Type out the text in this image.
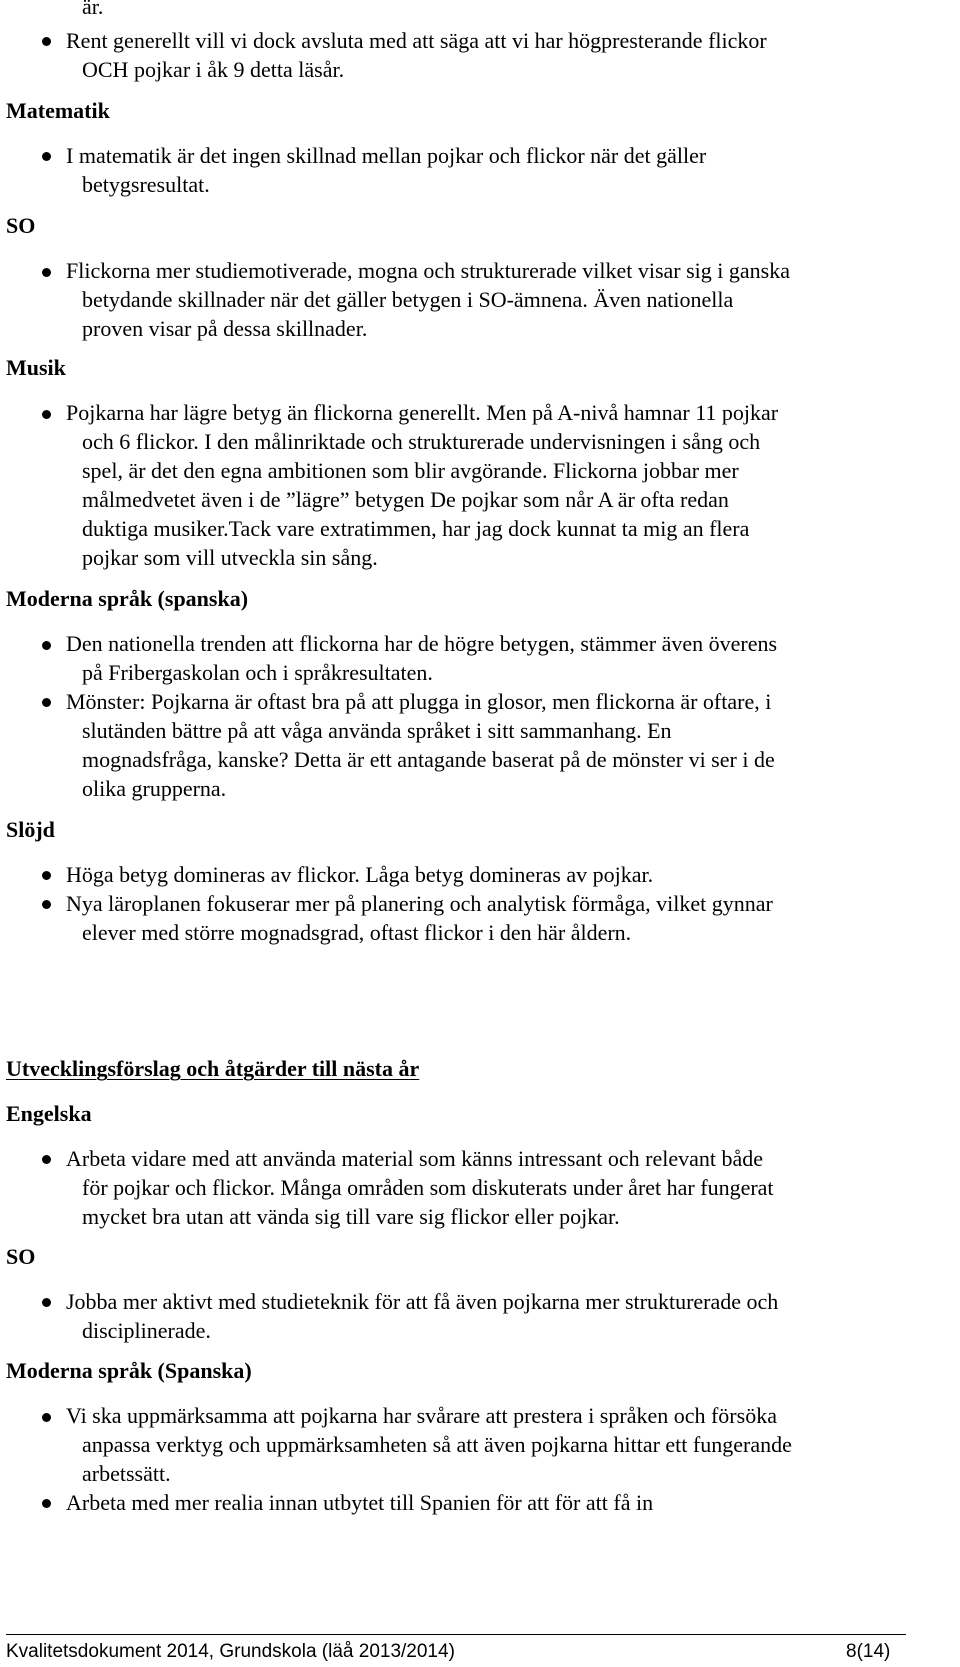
är.
Rent generellt vill vi dock avsluta med att säga att vi har högpresterande flickor
OCH pojkar i åk 9 detta läsår.
Matematik
I matematik är det ingen skillnad mellan pojkar och flickor när det gäller
betygsresultat.
SO
Flickorna mer studiemotiverade, mogna och strukturerade vilket visar sig i ganska
betydande skillnader när det gäller betygen i SO-ämnena. Även nationella
proven visar på dessa skillnader.
Musik
Pojkarna har lägre betyg än flickorna generellt. Men på A-nivå hamnar 11 pojkar
och 6 flickor. I den målinriktade och strukturerade undervisningen i sång och
spel, är det den egna ambitionen som blir avgörande. Flickorna jobbar mer
målmedvetet även i de ”lägre” betygen De pojkar som når A är ofta redan
duktiga musiker.Tack vare extratimmen, har jag dock kunnat ta mig an flera
pojkar som vill utveckla sin sång.
Moderna språk (spanska)
Den nationella trenden att flickorna har de högre betygen, stämmer även överens
på Fribergaskolan och i språkresultaten.
Mönster: Pojkarna är oftast bra på att plugga in glosor, men flickorna är oftare, i
slutänden bättre på att våga använda språket i sitt sammanhang. En
mognadsfråga, kanske? Detta är ett antagande baserat på de mönster vi ser i de
olika grupperna.
Slöjd
Höga betyg domineras av flickor. Låga betyg domineras av pojkar.
Nya läroplanen fokuserar mer på planering och analytisk förmåga, vilket gynnar
elever med större mognadsgrad, oftast flickor i den här åldern.
Utvecklingsförslag och åtgärder till nästa år
Engelska
Arbeta vidare med att använda material som känns intressant och relevant både
för pojkar och flickor. Många områden som diskuterats under året har fungerat
mycket bra utan att vända sig till vare sig flickor eller pojkar.
SO
Jobba mer aktivt med studieteknik för att få även pojkarna mer strukturerade och
disciplinerade.
Moderna språk (Spanska)
Vi ska uppmärksamma att pojkarna har svårare att prestera i språken och försöka
anpassa verktyg och uppmärksamheten så att även pojkarna hittar ett fungerande
arbetssätt.
Arbeta med mer realia innan utbytet till Spanien för att för att få in
Kvalitetsdokument 2014, Grundskola (läå 2013/2014)	8(14)
